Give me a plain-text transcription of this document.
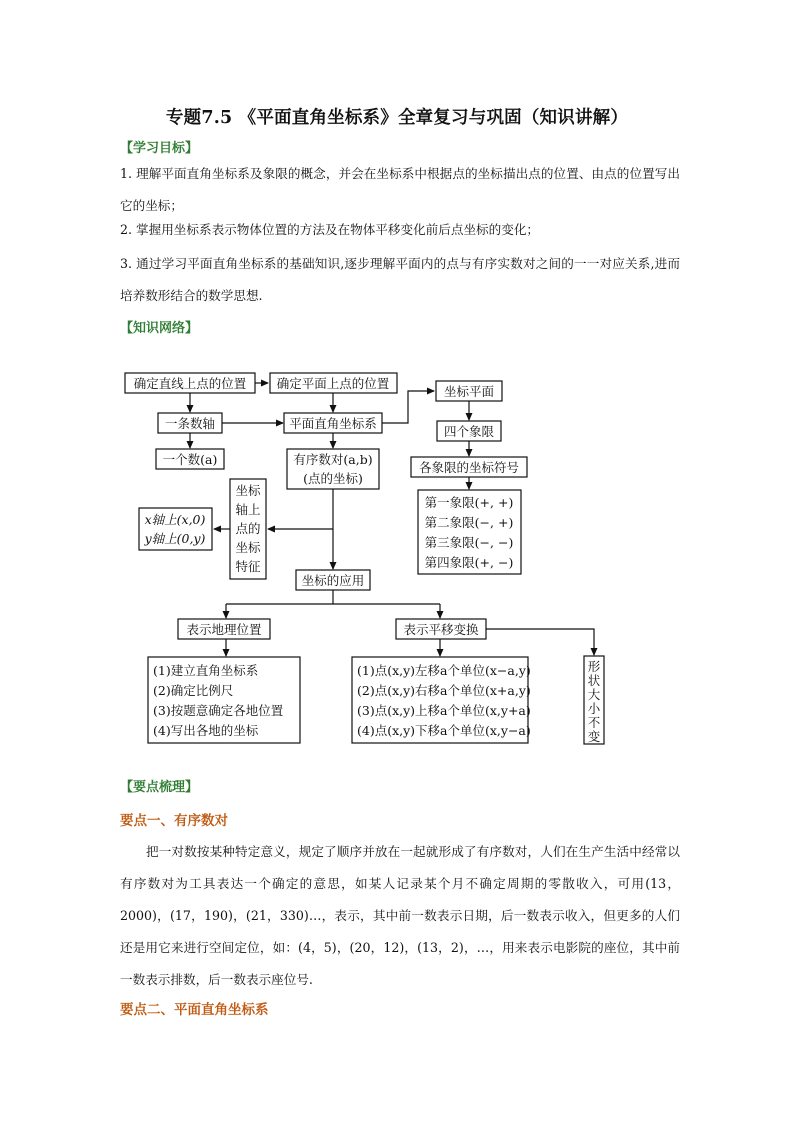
专题7.5 《平面直角坐标系》全章复习与巩固（知识讲解）
【学习目标】
1. 理解平面直角坐标系及象限的概念，并会在坐标系中根据点的坐标描出点的位置、由点的位置写出它的坐标；
2. 掌握用坐标系表示物体位置的方法及在物体平移变化前后点坐标的变化；
3. 通过学习平面直角坐标系的基础知识,逐步理解平面内的点与有序实数对之间的一一对应关系,进而培养数形结合的数学思想.
【知识网络】
确定直线上点的位置 确定平面上点的位置
坐标平面
一条数轴	平面直角坐标系
四个象限
一个数(a)	有序数对(a,b)
(点的坐标)
各象限的坐标符号
第一象限(+, +)
第二象限(−, +)
第三象限(−, −)
第四象限(+, −)
坐标
轴上
点的
坐标
特征
x轴上(x,0)
y轴上(0,y)
坐标的应用
表示地理位置	表示平移变换
(1)建立直角坐标系
(2)确定比例尺
(3)按题意确定各地位置
(4)写出各地的坐标
(1)点(x,y)左移a个单位(x−a,y)
(2)点(x,y)右移a个单位(x+a,y)
(3)点(x,y)上移a个单位(x,y+a)
(4)点(x,y)下移a个单位(x,y−a)
形
状
大
小
不
变
【要点梳理】
要点一、有序数对
把一对数按某种特定意义，规定了顺序并放在一起就形成了有序数对，人们在生产生活中经常以有序数对为工具表达一个确定的意思，如某人记录某个月不确定周期的零散收入，可用(13，2000)，(17，190)，(21，330)…，表示，其中前一数表示日期，后一数表示收入，但更多的人们还是用它来进行空间定位，如：(4，5)，(20，12)，(13，2)，…，用来表示电影院的座位，其中前一数表示排数，后一数表示座位号.
要点二、平面直角坐标系
